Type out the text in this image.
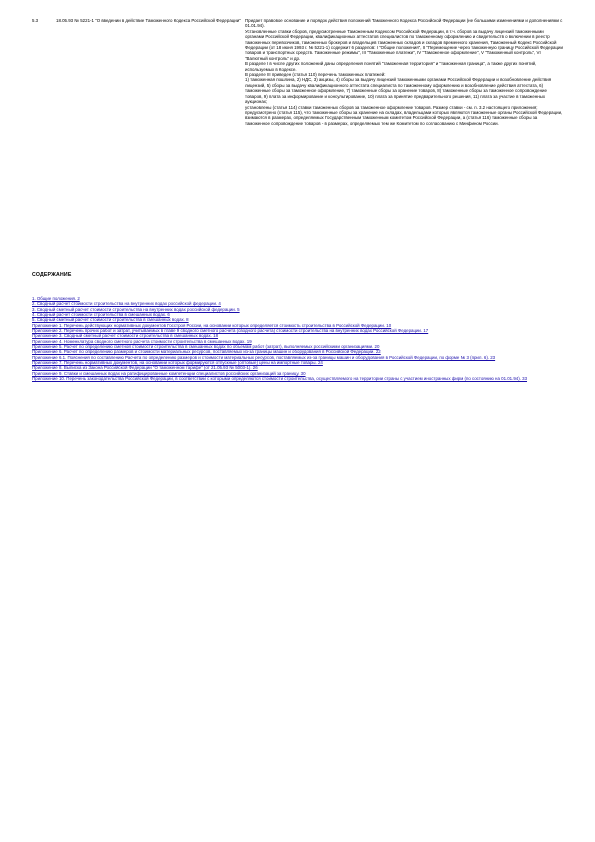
5.3	18.05.93 № 5221-1 "О введении в действие Таможенного Кодекса Российской Федерации" Придает правовое основание и порядок действия положений Таможенного Кодекса Российской Федерации (не большими изменениями и дополнениями с 01.01.94).

Установленные ставки сборов, предусмотренные Таможенным Кодексом Российской Федерации, в т.ч. сборов за выдачу лицензий таможенными органами Российской Федерации, квалификационных аттестатов специалистов по таможенному оформлению и свидетельств о включении в реестр таможенных перевозчиков, таможенных брокеров и владельцев таможенных складов и складов временного хранения, Таможенный Кодекс Российской Федерации (от 18 июня 1993 г. № 5221-1) содержит 6 разделов: I "Общие положения", II "Перемещение через таможенную границу Российской Федерации товаров и транспортных средств. Таможенные режимы", III "Таможенные платежи", IV "Таможенное оформление", V "Таможенный контроль", VI "Валютный контроль" и др.

В разделе I в числе других положений даны определения понятий "таможенная территория" и "таможенная граница", а также других понятий, используемых в Кодексе.

В разделе III приведен (статья 110) перечень таможенных платежей:

1) таможенная пошлина, 2) НДС, 3) акцизы, 4) сборы за выдачу лицензий таможенными органами Российской Федерации и возобновление действия лицензий, 5) сборы за выдачу квалификационного аттестата специалиста по таможенному оформлению и возобновление действия аттестата, 6) таможенные сборы за таможенное оформление, 7) таможенные сборы за хранение товаров, 8) таможенные сборы за таможенное сопровождение товаров, 9) плата за информирование и консультирование, 10) плата за принятие предварительного решения, 11) плата за участие в таможенных аукционах;

установлены (статья 114) ставки таможенных сборов за таможенное оформление товаров. Размер ставки - см. п. 3.2 настоящего приложения;

предусмотрено (статья 115), что таможенные сборы за хранение на складах, владельцами которых являются таможенные органы Российской Федерации, взимаются в размерах, определяемых Государственным таможенным комитетом Российской Федерации, а (статья 116) таможенные сборы за таможенное сопровождение товаров - в размерах, определяемых тем же Комитетом по согласованию с Минфином России.

СОДЕРЖАНИЕ
1. Общие положения. 2
2. Сводный расчет стоимости строительства на внутренних водах российской федерации. 4
3. Сводный сметный расчет стоимости строительства на внутренних водах российской федерации. 5
4. Сводный расчет стоимости строительства в смешанных водах. 6
5. Сводный сметный расчет стоимости строительства в смешанных водах. 8
Приложение 1. Перечень действующих нормативных документов Госстроя России, на основании которых определяется стоимость строительства в Российской Федерации. 10
Приложение 2. Перечень прочих работ и затрат, учитываемых в главе 9 сводного сметного расчета (сводного расчета) стоимости строительства на внутренних водах Российской Федерации. 17
Приложение 3. Сводный сметный расчет стоимости строительства в смешанных водах. 18
Приложение 4. Номенклатура сводного сметного расчета стоимости строительства в смешанных водах. 19
Приложение 5. Расчет по определению сметной стоимости строительства в смешанных водах по объемам работ (затрат), выполняемых российскими организациями. 20
Приложение 6. Расчет по определению размеров и стоимости материальных ресурсов, поставляемых из-за границы машин и оборудования в Российской Федерации. 22
Приложение 6.1. Пояснения по составлению Расчета по определению размеров и стоимости материальных ресурсов, поставляемых из-за границы машин и оборудования в Российской Федерации, по форме № 3 (прил. 6). 23
Приложение 7. Перечень нормативных документов, на основании которых формируются отпускные (оптовые) цены на импортные товары. 24
Приложение 8. Выписка из Закона Российской Федерации "О таможенном тарифе" (от 21.05.93 № 5003-1). 26
Приложение 9. Ставки и смешанных водах на ратифицированные компетенции специалистов российских организаций за границу. 30
Приложение 10. Перечень законодательства Российской Федерации, в соответствии с которыми определяются стоимости строительства, осуществляемого на территории страны с участием иностранных фирм (по состоянию на 01.01.94). 33
